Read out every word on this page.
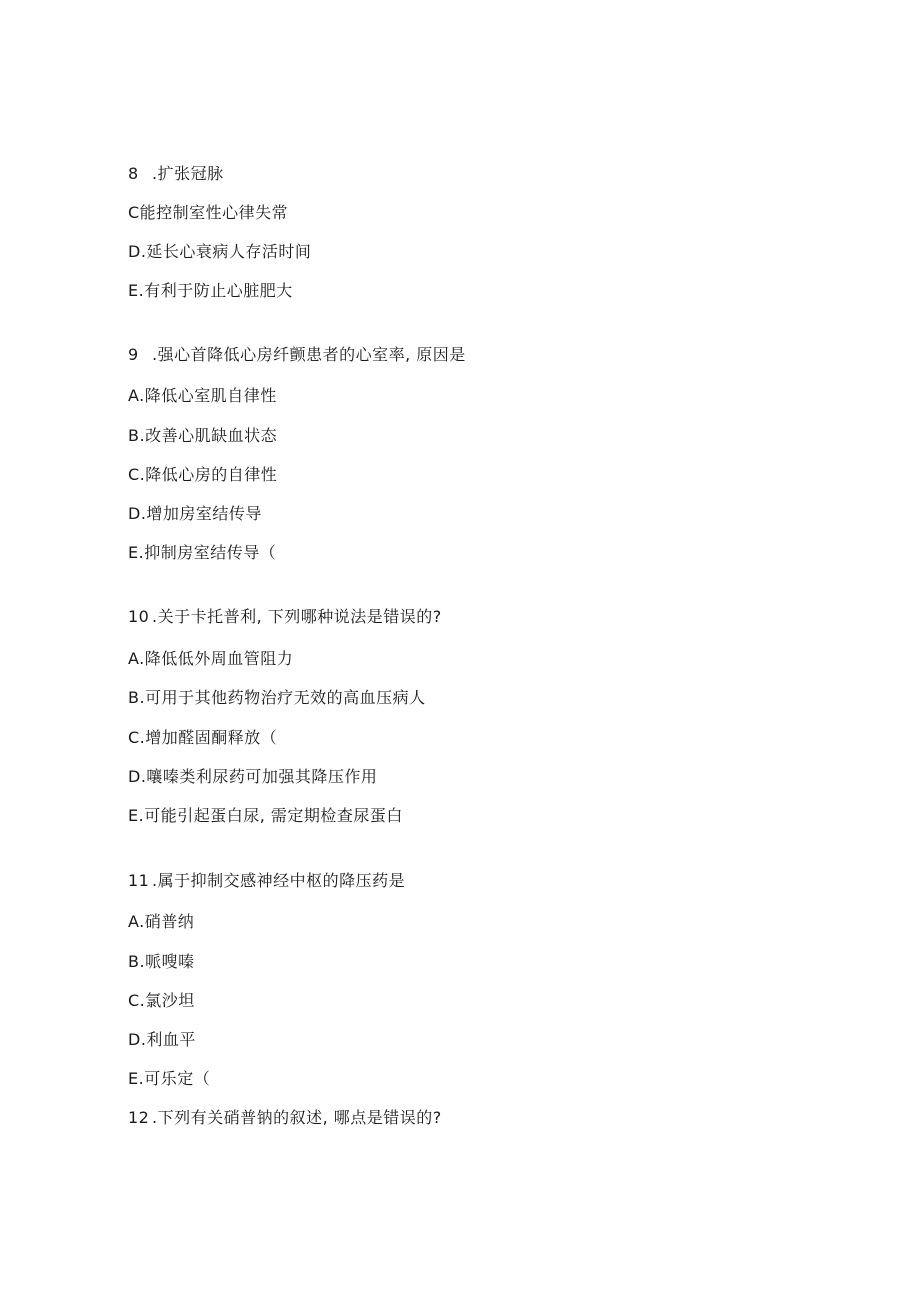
8 .扩张冠脉
C能控制室性心律失常
D.延长心衰病人存活时间
E.有利于防止心脏肥大
9 .强心首降低心房纤颤患者的心室率, 原因是
A.降低心室肌自律性
B.改善心肌缺血状态
C.降低心房的自律性
D.增加房室结传导
E.抑制房室结传导（
10 .关于卡托普利, 下列哪种说法是错误的?
A.降低低外周血管阻力
B.可用于其他药物治疗无效的高血压病人
C.增加醛固酮释放（
D.嚷嗪类利尿药可加强其降压作用
E.可能引起蛋白尿, 需定期检查尿蛋白
11 .属于抑制交感神经中枢的降压药是
A.硝普纳
B.哌嗖嗪
C.氯沙坦
D.利血平
E.可乐定（
12 .下列有关硝普钠的叙述, 哪点是错误的?
